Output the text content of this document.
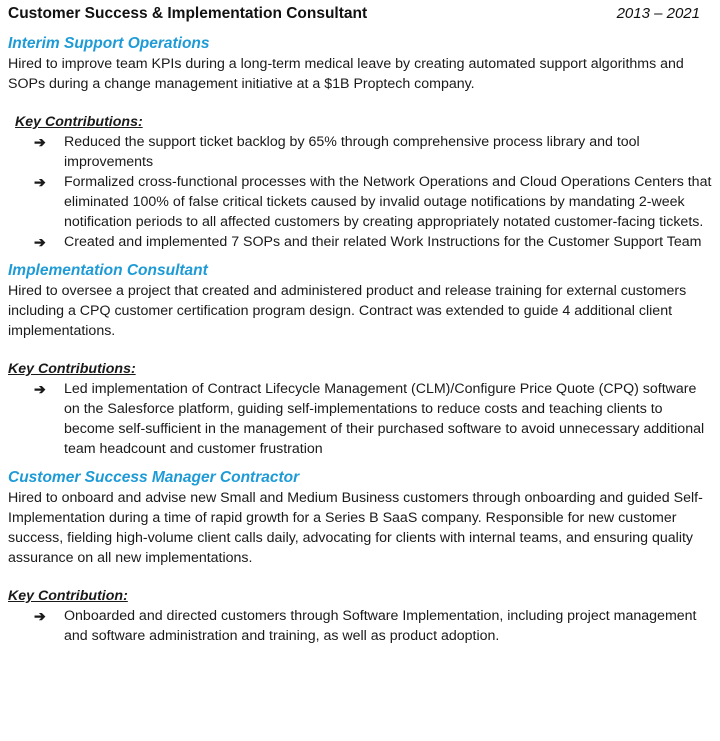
Customer Success & Implementation Consultant	2013 – 2021
Interim Support Operations

Hired to improve team KPIs during a long-term medical leave by creating automated support algorithms and SOPs during a change management initiative at a $1B Proptech company.

Key Contributions:
➔ Reduced the support ticket backlog by 65% through comprehensive process library and tool improvements
➔ Formalized cross-functional processes with the Network Operations and Cloud Operations Centers that eliminated 100% of false critical tickets caused by invalid outage notifications by mandating 2-week notification periods to all affected customers by creating appropriately notated customer-facing tickets.
➔ Created and implemented 7 SOPs and their related Work Instructions for the Customer Support Team
Implementation Consultant

Hired to oversee a project that created and administered product and release training for external customers including a CPQ customer certification program design. Contract was extended to guide 4 additional client implementations.

Key Contributions:
➔ Led implementation of Contract Lifecycle Management (CLM)/Configure Price Quote (CPQ) software on the Salesforce platform, guiding self-implementations to reduce costs and teaching clients to become self-sufficient in the management of their purchased software to avoid unnecessary additional team headcount and customer frustration
Customer Success Manager Contractor

Hired to onboard and advise new Small and Medium Business customers through onboarding and guided Self-Implementation during a time of rapid growth for a Series B SaaS company. Responsible for new customer success, fielding high-volume client calls daily, advocating for clients with internal teams, and ensuring quality assurance on all new implementations.

Key Contribution:
➔ Onboarded and directed customers through Software Implementation, including project management and software administration and training, as well as product adoption.
